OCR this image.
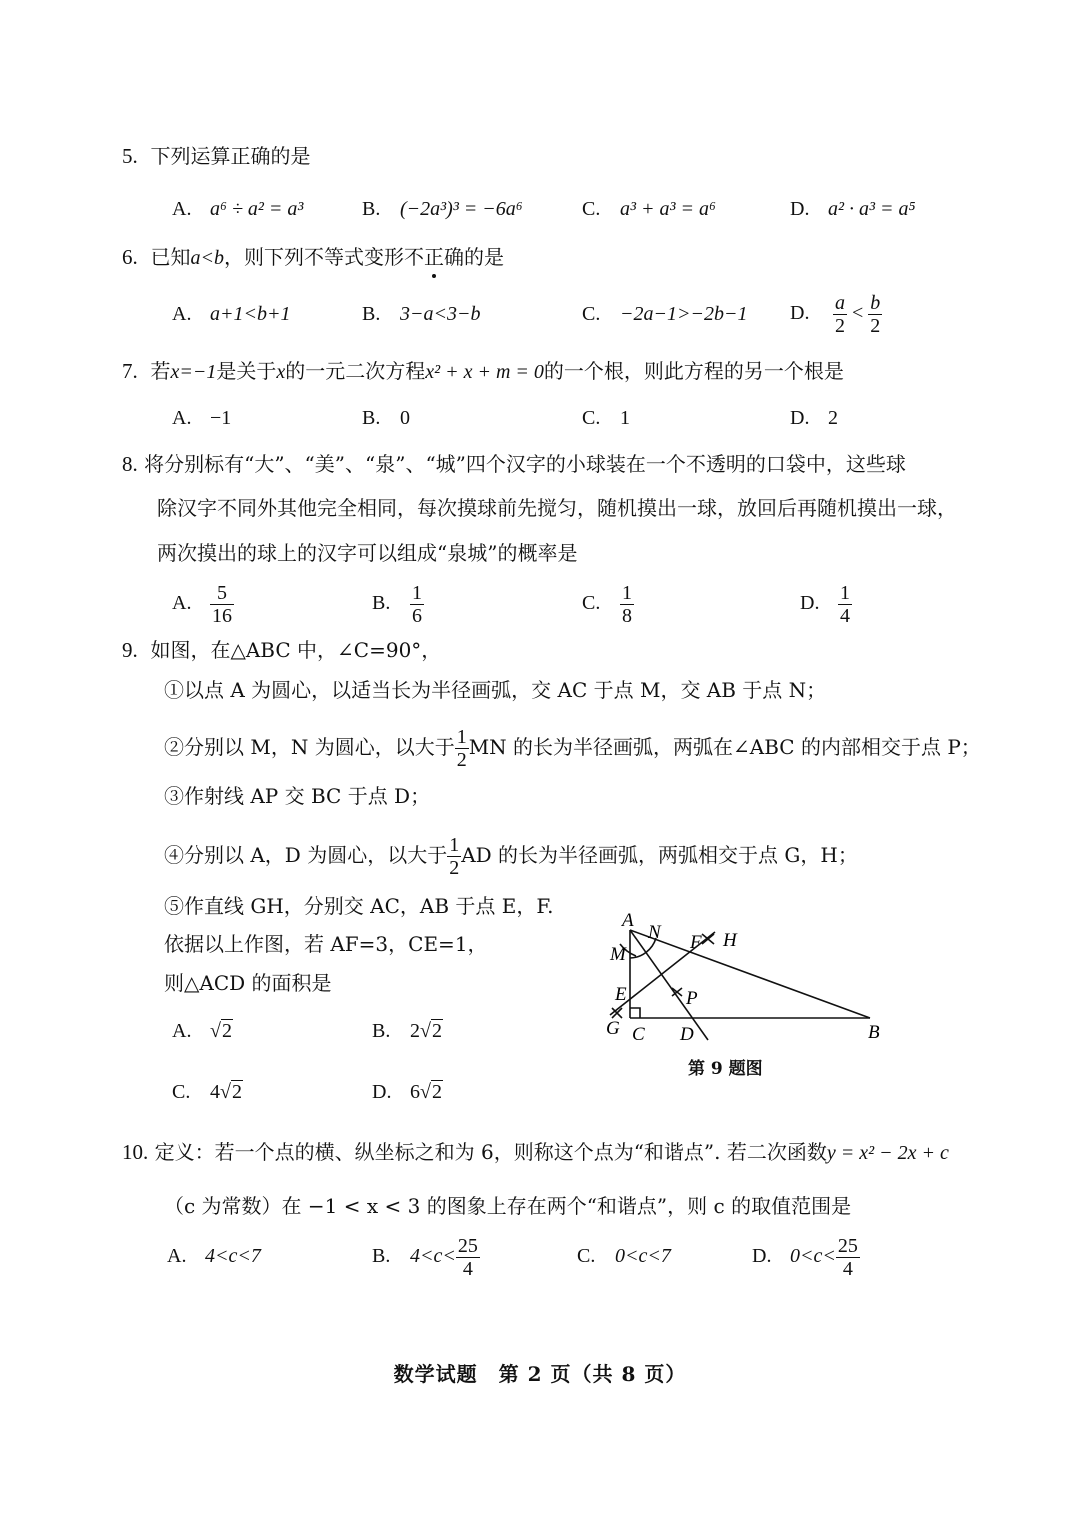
5. 下列运算正确的是
A. a⁶ ÷ a² = a³	B. (−2a³)³ = −6a⁶	C. a³ + a³ = a⁶	D. a² · a³ = a⁵
6. 已知a<b，则下列不等式变形不正确的是
A. a+1<b+1	B. 3−a<3−b	C. −2a−1>−2b−1 D. $\frac{a}{2} < \frac{b}{2}$
7. 若x=−1是关于x的一元二次方程x² + x + m = 0的一个根，则此方程的另一个根是
A. −1	B. 0	C. 1	D. 2
8. 将分别标有“大”、“美”、“泉”、“城”四个汉字的小球装在一个不透明的口袋中，这些球
除汉字不同外其他完全相同，每次摸球前先搅匀，随机摸出一球，放回后再随机摸出一球，
两次摸出的球上的汉字可以组成“泉城”的概率是
A. $\frac{5}{16}$	B. $\frac{1}{6}$	C. $\frac{1}{8}$	D. $\frac{1}{4}$
9. 如图，在△ABC 中，∠C=90°，
①以点 A 为圆心，以适当长为半径画弧，交 AC 于点 M，交 AB 于点 N；
②分别以 M，N 为圆心，以大于 $\frac{1}{2}$ MN 的长为半径画弧，两弧在∠ABC 的内部相交于点 P；
③作射线 AP 交 BC 于点 D；
④分别以 A，D 为圆心，以大于 $\frac{1}{2}$ AD 的长为半径画弧，两弧相交于点 G，H；
⑤作直线 GH，分别交 AC，AB 于点 E，F.
依据以上作图，若 AF=3，CE=1，
则△ACD 的面积是
A. √2	B. 2√2
C. 4√2	D. 6√2
A
N F H
M
E	P
G C D	B
第 9 题图
10. 定义：若一个点的横、纵坐标之和为 6，则称这个点为“和谐点”. 若二次函数y = x² − 2x + c
（c 为常数）在 −1 < x < 3 的图象上存在两个“和谐点”，则 c 的取值范围是
A. 4<c<7	B. $4<c< \frac{25}{4}$	C. 0<c<7	D. $0<c< \frac{25}{4}$
数学试题　第 2 页（共 8 页）
